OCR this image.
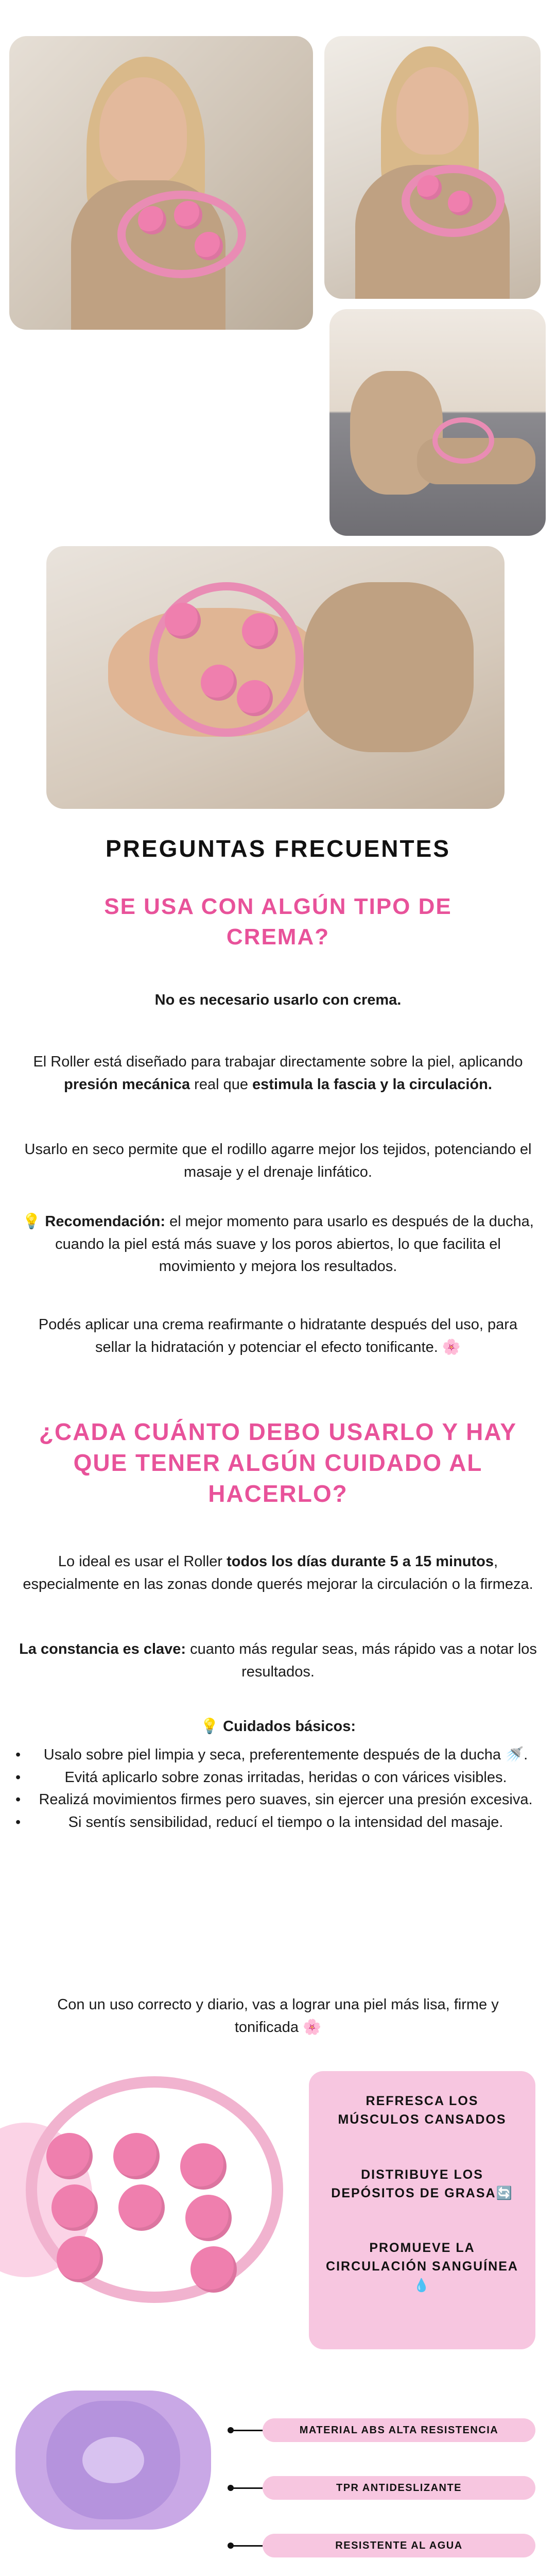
PREGUNTAS FRECUENTES
SE USA CON ALGÚN TIPO DE CREMA?
No es necesario usarlo con crema.
El Roller está diseñado para trabajar directamente sobre la piel, aplicando presión mecánica real que estimula la fascia y la circulación.
Usarlo en seco permite que el rodillo agarre mejor los tejidos, potenciando el masaje y el drenaje linfático.
💡 Recomendación: el mejor momento para usarlo es después de la ducha, cuando la piel está más suave y los poros abiertos, lo que facilita el movimiento y mejora los resultados.
Podés aplicar una crema reafirmante o hidratante después del uso, para sellar la hidratación y potenciar el efecto tonificante. 🌸
¿CADA CUÁNTO DEBO USARLO Y HAY QUE TENER ALGÚN CUIDADO AL HACERLO?
Lo ideal es usar el Roller todos los días durante 5 a 15 minutos, especialmente en las zonas donde querés mejorar la circulación o la firmeza.
La constancia es clave: cuanto más regular seas, más rápido vas a notar los resultados.
💡 Cuidados básicos:
•	Usalo sobre piel limpia y seca, preferentemente después de la ducha 🚿.
•	Evitá aplicarlo sobre zonas irritadas, heridas o con várices visibles.
•	Realizá movimientos firmes pero suaves, sin ejercer una presión excesiva.
•	Si sentís sensibilidad, reducí el tiempo o la intensidad del masaje.
Con un uso correcto y diario, vas a lograr una piel más lisa, firme y tonificada 🌸
REFRESCA LOS MÚSCULOS CANSADOS
DISTRIBUYE LOS DEPÓSITOS DE GRASA🔄
PROMUEVE LA CIRCULACIÓN SANGUÍNEA 💧
MATERIAL ABS ALTA RESISTENCIA
TPR ANTIDESLIZANTE
RESISTENTE AL AGUA
